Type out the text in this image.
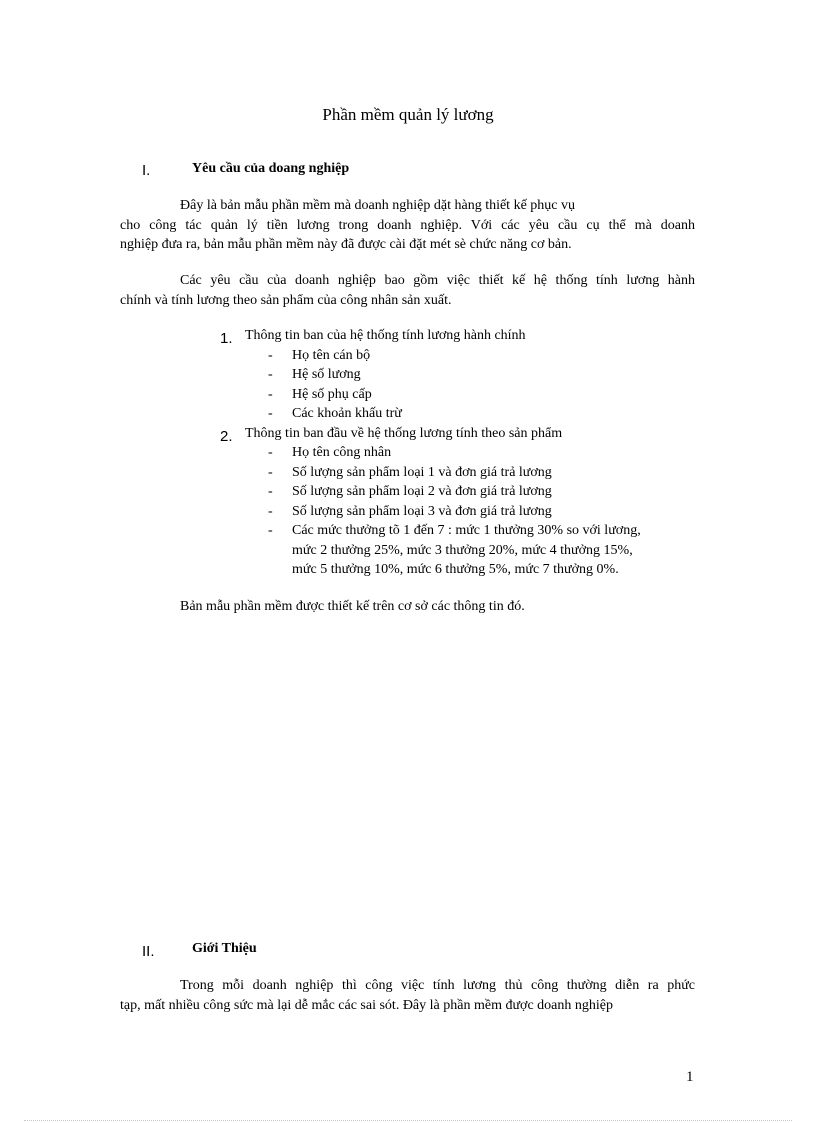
Phần mềm quản lý lương
I.	Yêu cầu của doang nghiệp
Đây là bản mẫu phần mềm mà doanh nghiệp dặt hàng thiết kế phục vụ
cho công tác quản lý tiền lương trong doanh nghiệp. Với các yêu cầu cụ thể mà doanh
nghiệp đưa ra, bản mẫu phần mềm này đã được cài đặt mét sè chức năng cơ bản.
Các yêu cầu của doanh nghiệp bao gồm việc thiết kế hệ thống tính lương hành
chính và tính lương theo sản phẩm của công nhân sản xuất.
1. Thông tin ban của hệ thống tính lương hành chính
- Họ tên cán bộ
- Hệ số lương
- Hệ số phụ cấp
- Các khoản khấu trừ
2. Thông tin ban đầu về hệ thống lương tính theo sản phẩm
- Họ tên công nhân
- Số lượng sản phẩm loại 1 và đơn giá trả lương
- Số lượng sản phẩm loại 2 và đơn giá trả lương
- Số lượng sản phẩm loại 3 và đơn giá trả lương
- Các mức thưởng tõ 1 đến 7 : mức 1 thưởng 30% so với lương,
mức 2 thưởng 25%, mức 3 thưởng 20%, mức 4 thưởng 15%,
mức 5 thưởng 10%, mức 6 thưởng 5%, mức 7 thưởng 0%.
Bản mẫu phần mềm được thiết kế trên cơ sở các thông tin đó.
II.	Giới Thiệu
Trong mỗi doanh nghiệp thì công việc tính lương thủ công thường diễn ra phức
tạp, mất nhiều công sức mà lại dễ mắc các sai sót. Đây là phần mềm được doanh nghiệp
1
